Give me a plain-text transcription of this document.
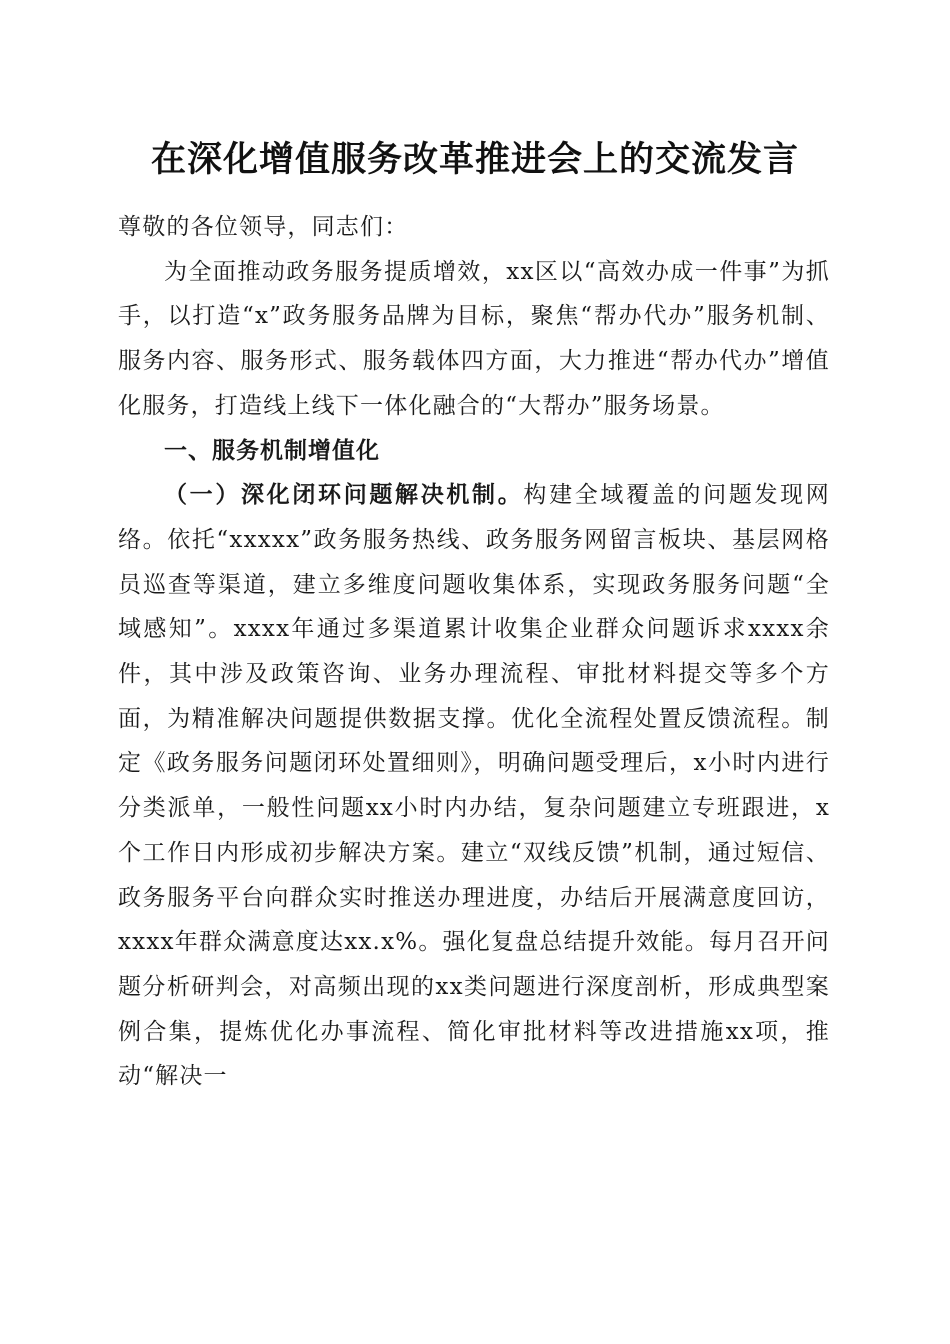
在深化增值服务改革推进会上的交流发言

尊敬的各位领导，同志们：

为全面推动政务服务提质增效，xx区以“高效办成一件事”为抓手，以打造“x”政务服务品牌为目标，聚焦“帮办代办”服务机制、服务内容、服务形式、服务载体四方面，大力推进“帮办代办”增值化服务，打造线上线下一体化融合的“大帮办”服务场景。

一、服务机制增值化

（一）深化闭环问题解决机制。构建全域覆盖的问题发现网络。依托“xxxxx”政务服务热线、政务服务网留言板块、基层网格员巡查等渠道，建立多维度问题收集体系，实现政务服务问题“全域感知”。xxxx年通过多渠道累计收集企业群众问题诉求xxxx余件，其中涉及政策咨询、业务办理流程、审批材料提交等多个方面，为精准解决问题提供数据支撑。优化全流程处置反馈流程。制定《政务服务问题闭环处置细则》，明确问题受理后，x小时内进行分类派单，一般性问题xx小时内办结，复杂问题建立专班跟进，x个工作日内形成初步解决方案。建立“双线反馈”机制，通过短信、政务服务平台向群众实时推送办理进度，办结后开展满意度回访，xxxx年群众满意度达xx.x%。强化复盘总结提升效能。每月召开问题分析研判会，对高频出现的xx类问题进行深度剖析，形成典型案例合集，提炼优化办事流程、简化审批材料等改进措施xx项，推动“解决一
